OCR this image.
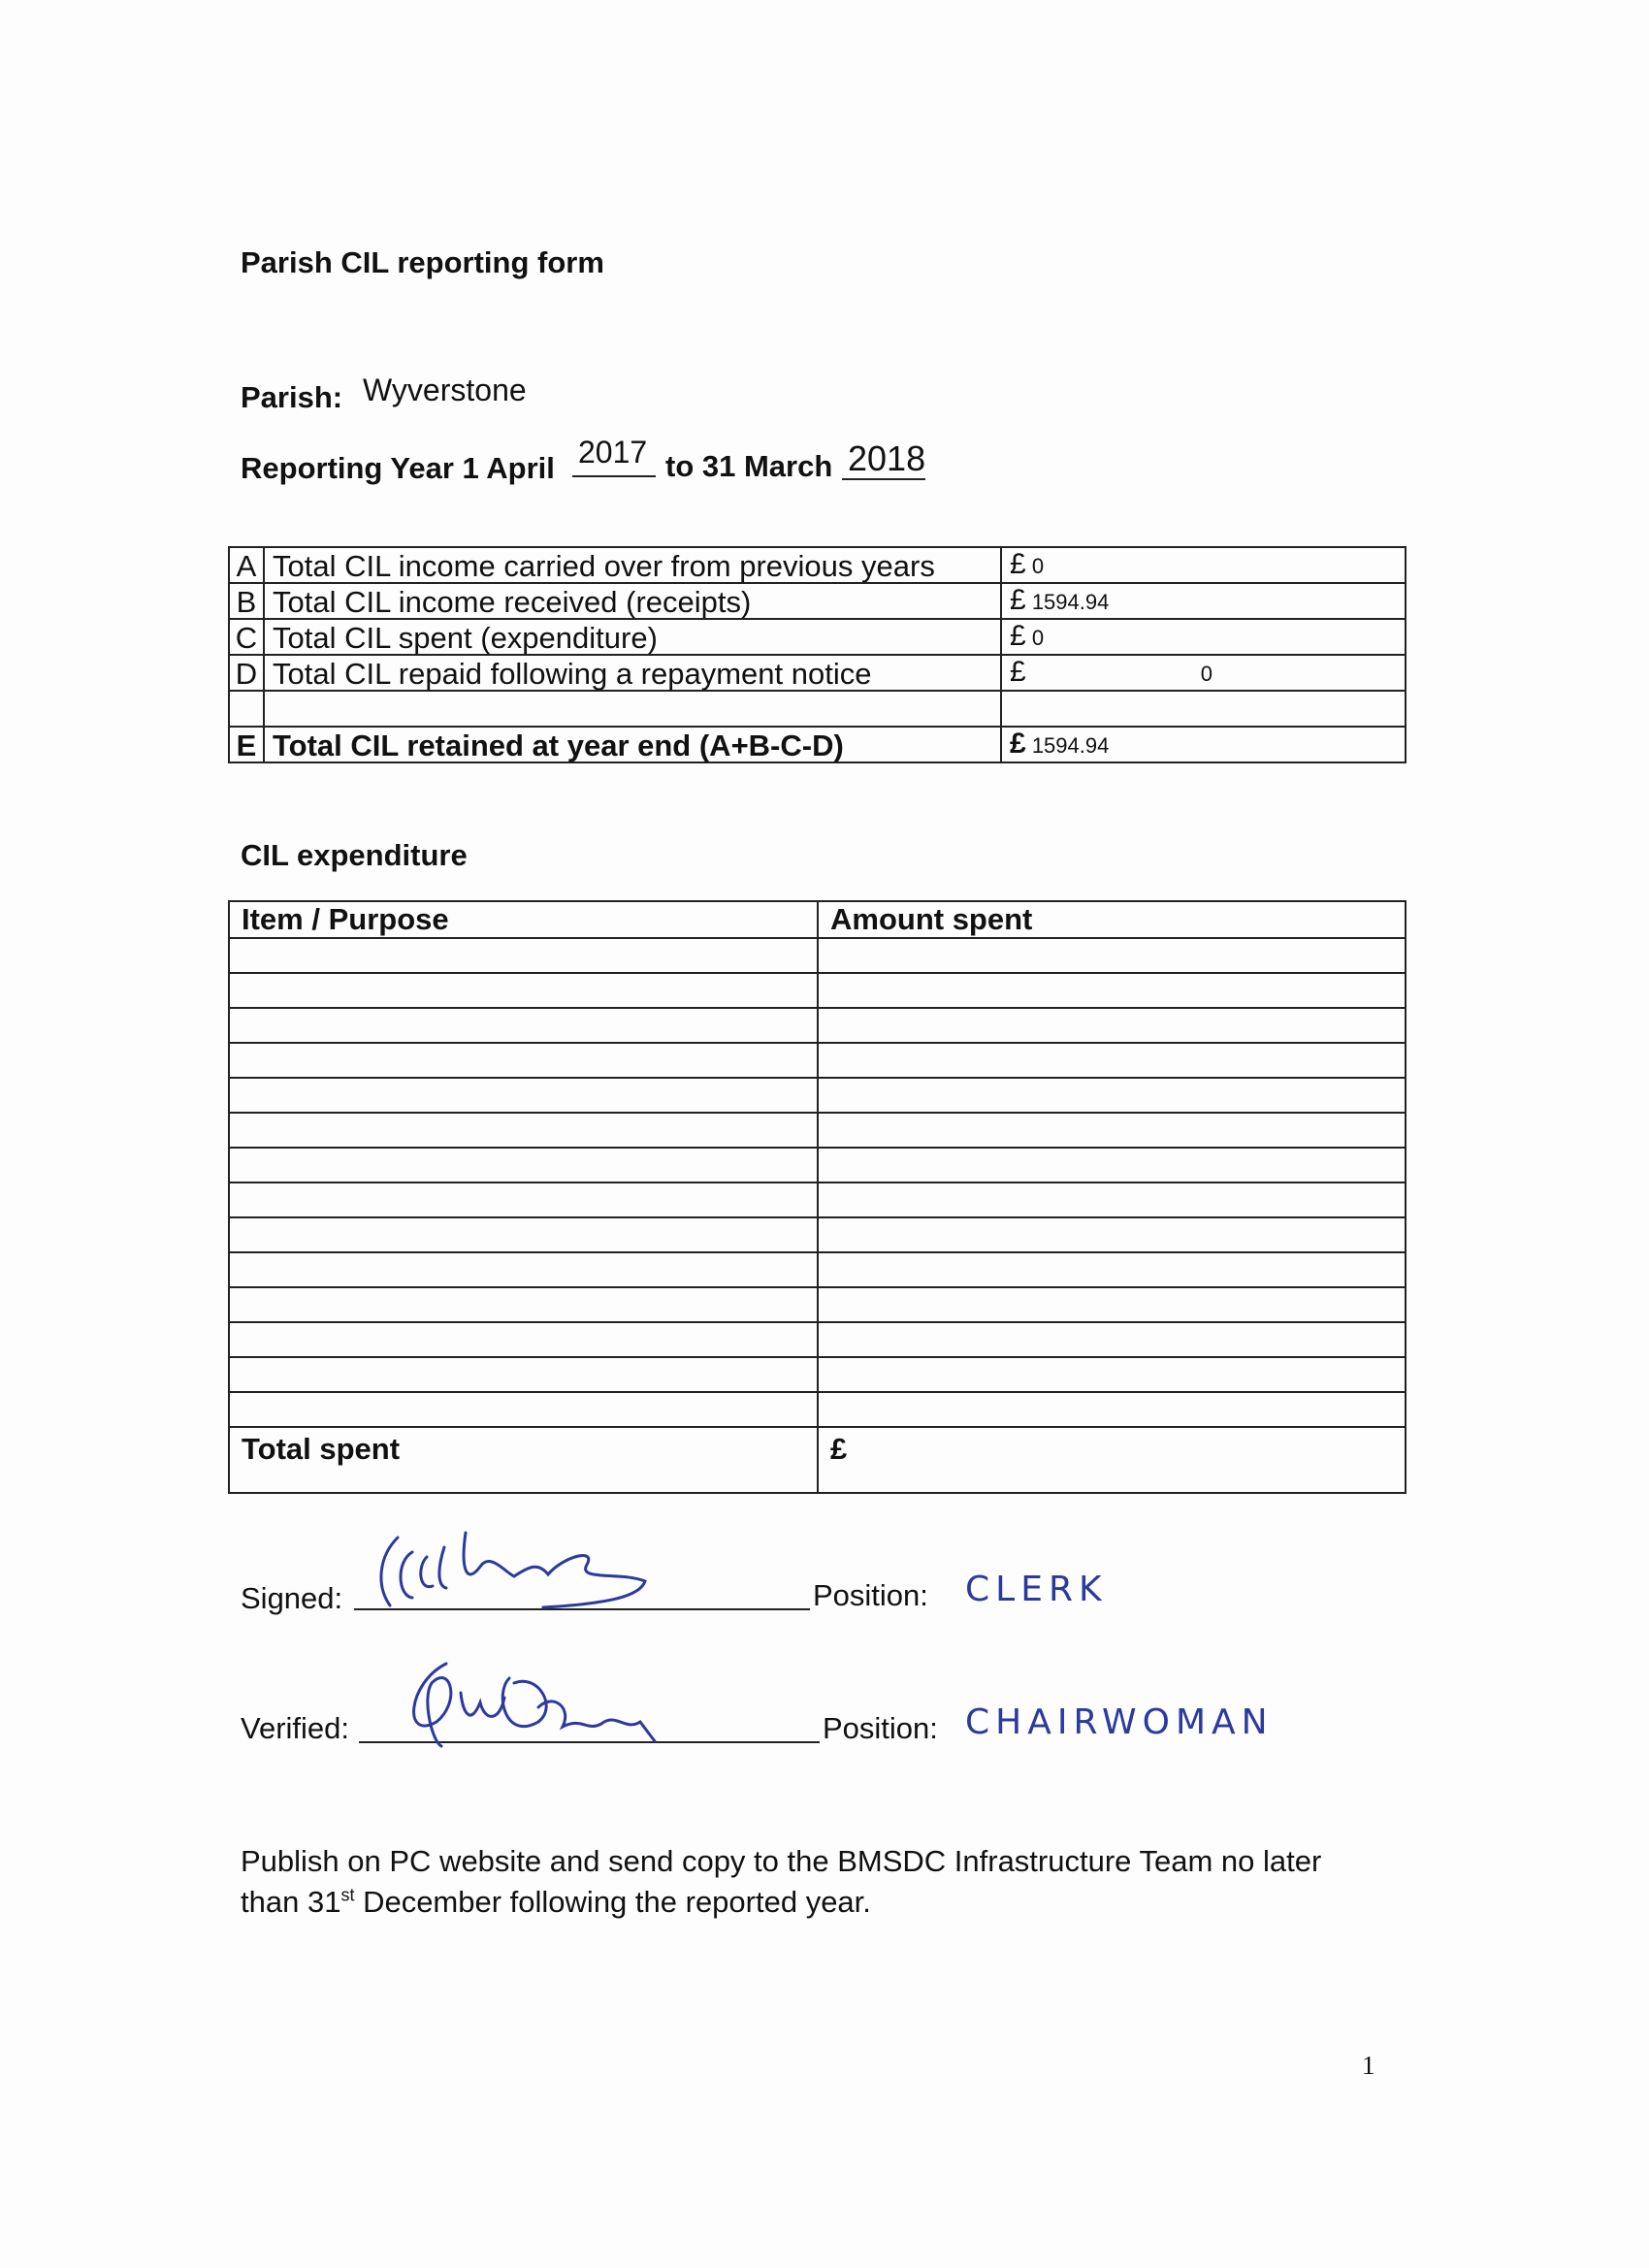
Parish CIL reporting form
Parish: Wyverstone
Reporting Year 1 April 2017 to 31 March 2018
A	Total CIL income carried over from previous years	£ 0
B	Total CIL income received (receipts)	£ 1594.94
C	Total CIL spent (expenditure)	£ 0
D	Total CIL repaid following a repayment notice	£ 0

E	Total CIL retained at year end (A+B-C-D)	£ 1594.94
CIL expenditure
Item / Purpose	Amount spent

Total spent	£
Signed:	Position: CLERK
Verified:	Position: CHAIRWOMAN
Publish on PC website and send copy to the BMSDC Infrastructure Team no later
than 31st December following the reported year.
1
